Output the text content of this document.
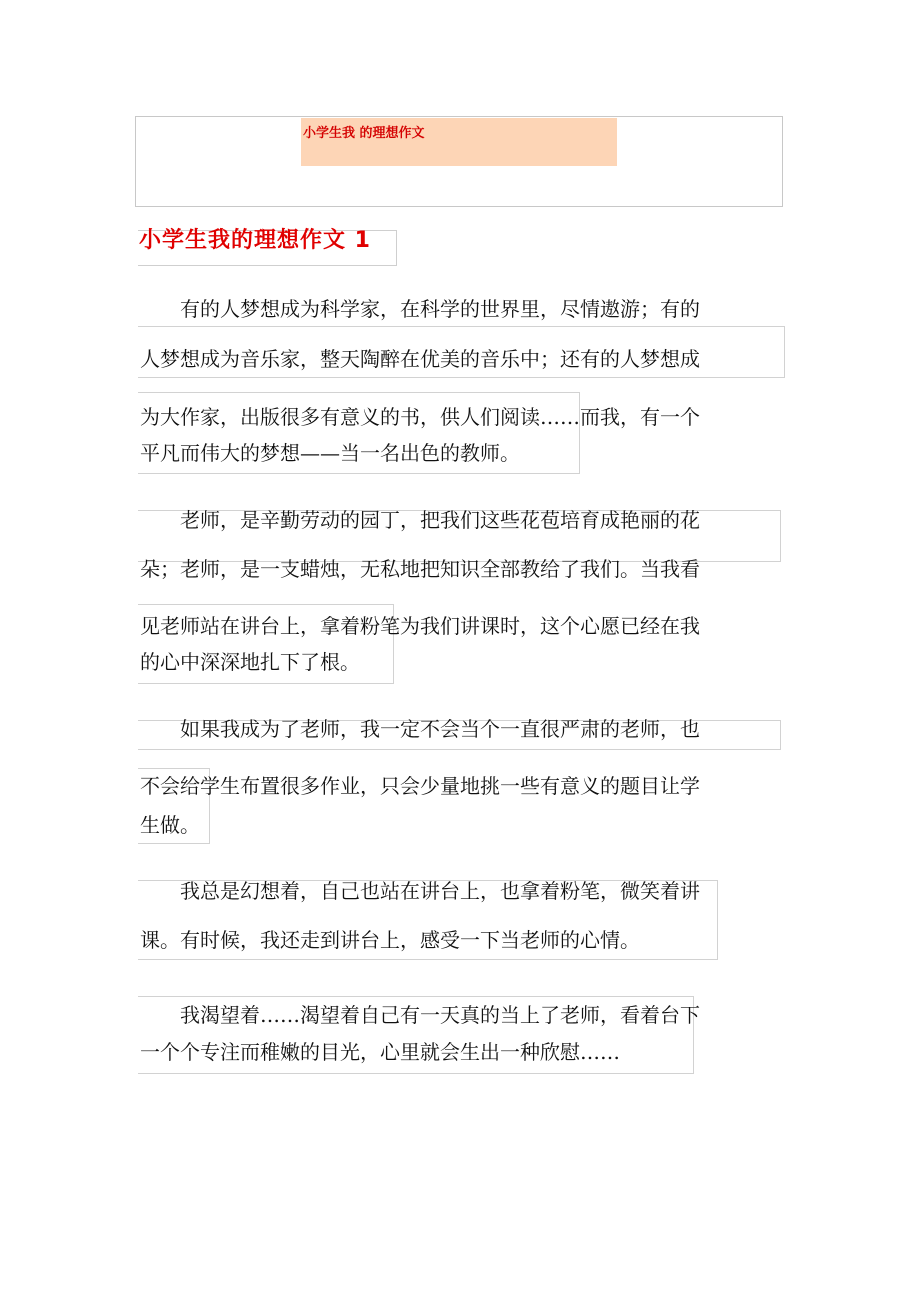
小学生我 的理想作文
小学生我的理想作文 1
　　有的人梦想成为科学家，在科学的世界里，尽情遨游；有的
人梦想成为音乐家，整天陶醉在优美的音乐中；还有的人梦想成
为大作家，出版很多有意义的书，供人们阅读……而我，有一个
平凡而伟大的梦想——当一名出色的教师。
　　老师，是辛勤劳动的园丁，把我们这些花苞培育成艳丽的花
朵；老师，是一支蜡烛，无私地把知识全部教给了我们。当我看
见老师站在讲台上，拿着粉笔为我们讲课时，这个心愿已经在我
的心中深深地扎下了根。
　　如果我成为了老师，我一定不会当个一直很严肃的老师，也
不会给学生布置很多作业，只会少量地挑一些有意义的题目让学
生做。
　　我总是幻想着，自己也站在讲台上，也拿着粉笔，微笑着讲
课。有时候，我还走到讲台上，感受一下当老师的心情。
　　我渴望着……渴望着自己有一天真的当上了老师，看着台下
一个个专注而稚嫩的目光，心里就会生出一种欣慰……
